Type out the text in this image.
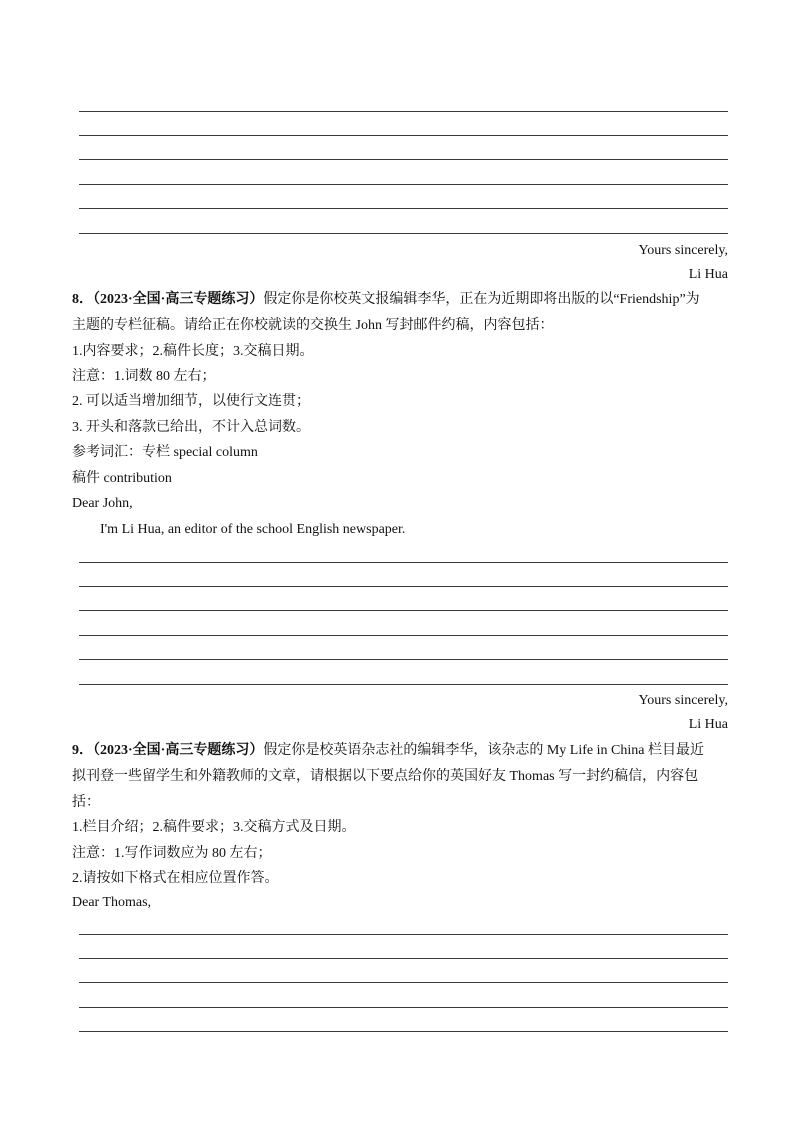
Yours sincerely,
Li Hua
8．（2023·全国·高三专题练习）假定你是你校英文报编辑李华，正在为近期即将出版的以“Friendship”为
主题的专栏征稿。请给正在你校就读的交换生 John 写封邮件约稿，内容包括：
1.内容要求；2.稿件长度；3.交稿日期。
注意：1.词数 80 左右；
2. 可以适当增加细节，以使行文连贯；
3. 开头和落款已给出，不计入总词数。
参考词汇：专栏 special column
稿件 contribution
Dear John,
I'm Li Hua, an editor of the school English newspaper.
Yours sincerely,
Li Hua
9．（2023·全国·高三专题练习）假定你是校英语杂志社的编辑李华，该杂志的 My Life in China 栏目最近
拟刊登一些留学生和外籍教师的文章，请根据以下要点给你的英国好友 Thomas 写一封约稿信，内容包
括：
1.栏目介绍；2.稿件要求；3.交稿方式及日期。
注意：1.写作词数应为 80 左右；
2.请按如下格式在相应位置作答。
Dear Thomas,
